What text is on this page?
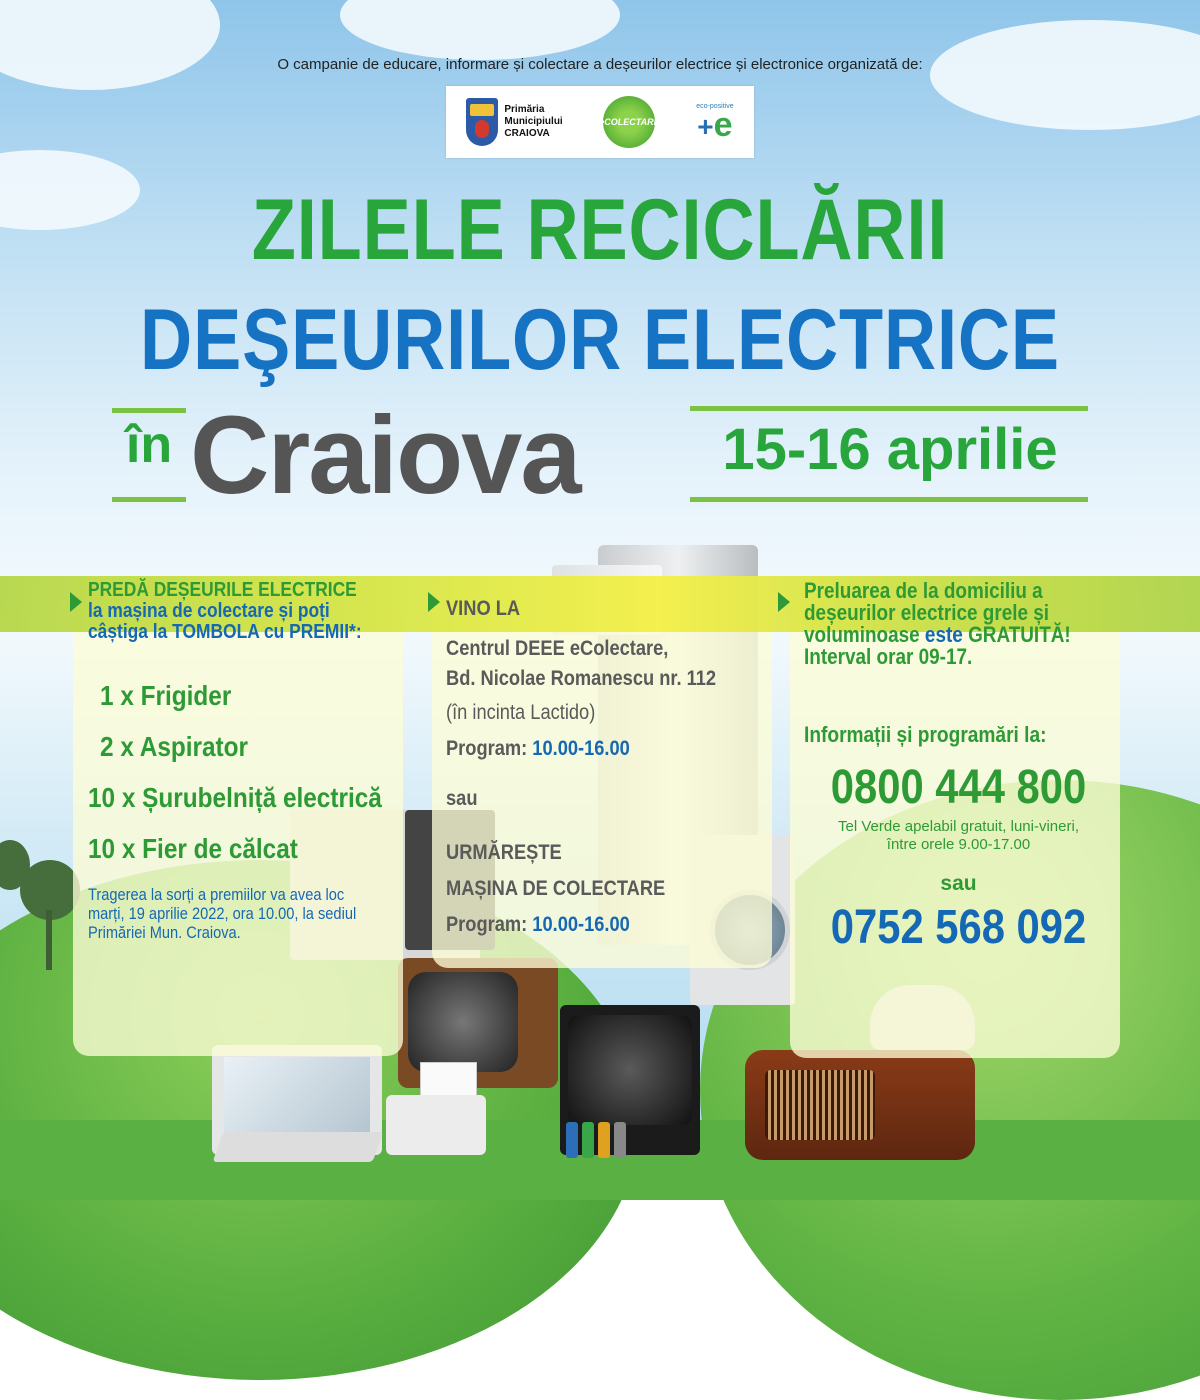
O campanie de educare, informare și colectare a deșeurilor electrice și electronice organizată de:
Primăria
Municipiului
CRAIOVA
eCOLECTARE
eco-positive
+e
ZILELE RECICLĂRII
DEŞEURILOR ELECTRICE
în Craiova	15-16 aprilie
PREDĂ DEȘEURILE ELECTRICE
la mașina de colectare și poți
câștiga la TOMBOLA cu PREMII*:
1 x Frigider
2 x Aspirator
10 x Șurubelniță electrică
10 x Fier de călcat
Tragerea la sorți a premiilor va avea loc marți, 19 aprilie 2022, ora 10.00, la sediul Primăriei Mun. Craiova.
VINO LA
Centrul DEEE eColectare,
Bd. Nicolae Romanescu nr. 112
(în incinta Lactido)
Program: 10.00-16.00
sau
URMĂREȘTE
MAȘINA DE COLECTARE
Program: 10.00-16.00
Preluarea de la domiciliu a
deșeurilor electrice grele și
voluminoase este GRATUITĂ!
Interval orar 09-17.
Informații și programări la:
0800 444 800
Tel Verde apelabil gratuit, luni-vineri,
între orele 9.00-17.00
sau
0752 568 092
